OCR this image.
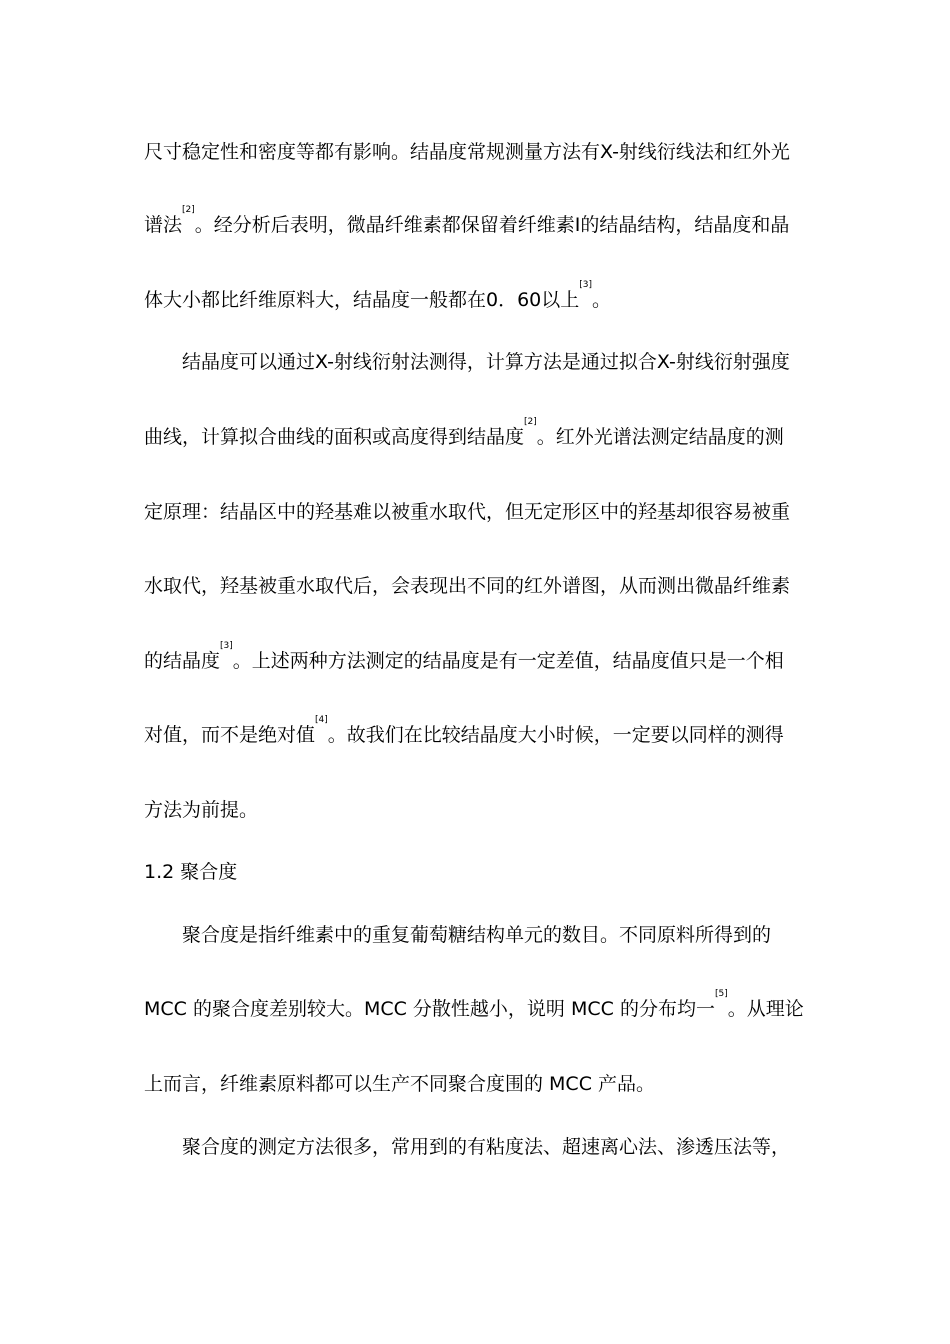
尺寸稳定性和密度等都有影响。结晶度常规测量方法有X-射线衍线法和红外光
谱法[2]。经分析后表明，微晶纤维素都保留着纤维素I的结晶结构，结晶度和晶
体大小都比纤维原料大，结晶度一般都在0．60以上[3]。
结晶度可以通过X-射线衍射法测得，计算方法是通过拟合X-射线衍射强度
曲线，计算拟合曲线的面积或高度得到结晶度[2]。红外光谱法测定结晶度的测
定原理：结晶区中的羟基难以被重水取代，但无定形区中的羟基却很容易被重
水取代，羟基被重水取代后，会表现出不同的红外谱图，从而测出微晶纤维素
的结晶度[3]。上述两种方法测定的结晶度是有一定差值，结晶度值只是一个相
对值，而不是绝对值[4]。故我们在比较结晶度大小时候，一定要以同样的测得
方法为前提。
1.2 聚合度
聚合度是指纤维素中的重复葡萄糖结构单元的数目。不同原料所得到的
MCC 的聚合度差别较大。MCC 分散性越小，说明 MCC 的分布均一[5]。从理论
上而言，纤维素原料都可以生产不同聚合度围的 MCC 产品。
聚合度的测定方法很多，常用到的有粘度法、超速离心法、渗透压法等，
